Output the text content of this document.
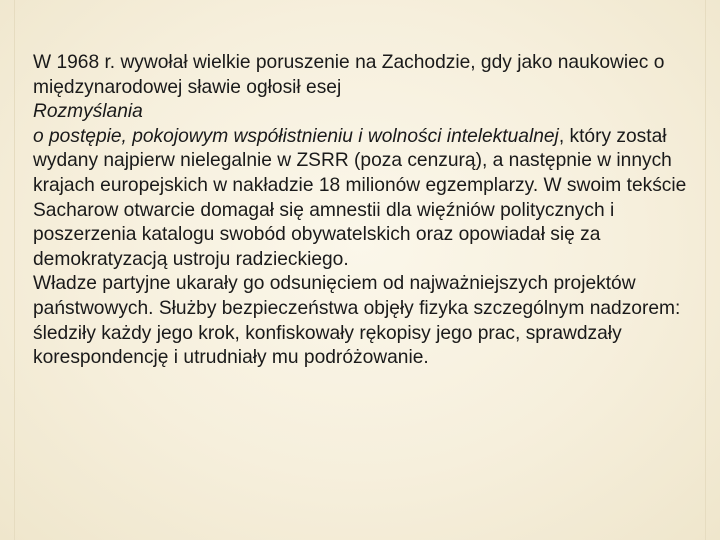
W 1968 r. wywołał wielkie poruszenie na Zachodzie, gdy jako naukowiec o międzynarodowej sławie ogłosił esej
Rozmyślania
o postępie, pokojowym współistnieniu i wolności intelektualnej, który został wydany najpierw nielegalnie w ZSRR (poza cenzurą), a następnie w innych krajach europejskich w nakładzie 18 milionów egzemplarzy. W swoim tekście Sacharow otwarcie domagał się amnestii dla więźniów politycznych i poszerzenia katalogu swobód obywatelskich oraz opowiadał się za demokratyzacją ustroju radzieckiego.

Władze partyjne ukarały go odsunięciem od najważniejszych projektów państwowych. Służby bezpieczeństwa objęły fizyka szczególnym nadzorem: śledziły każdy jego krok, konfiskowały rękopisy jego prac, sprawdzały korespondencję i utrudniały mu podróżowanie.
